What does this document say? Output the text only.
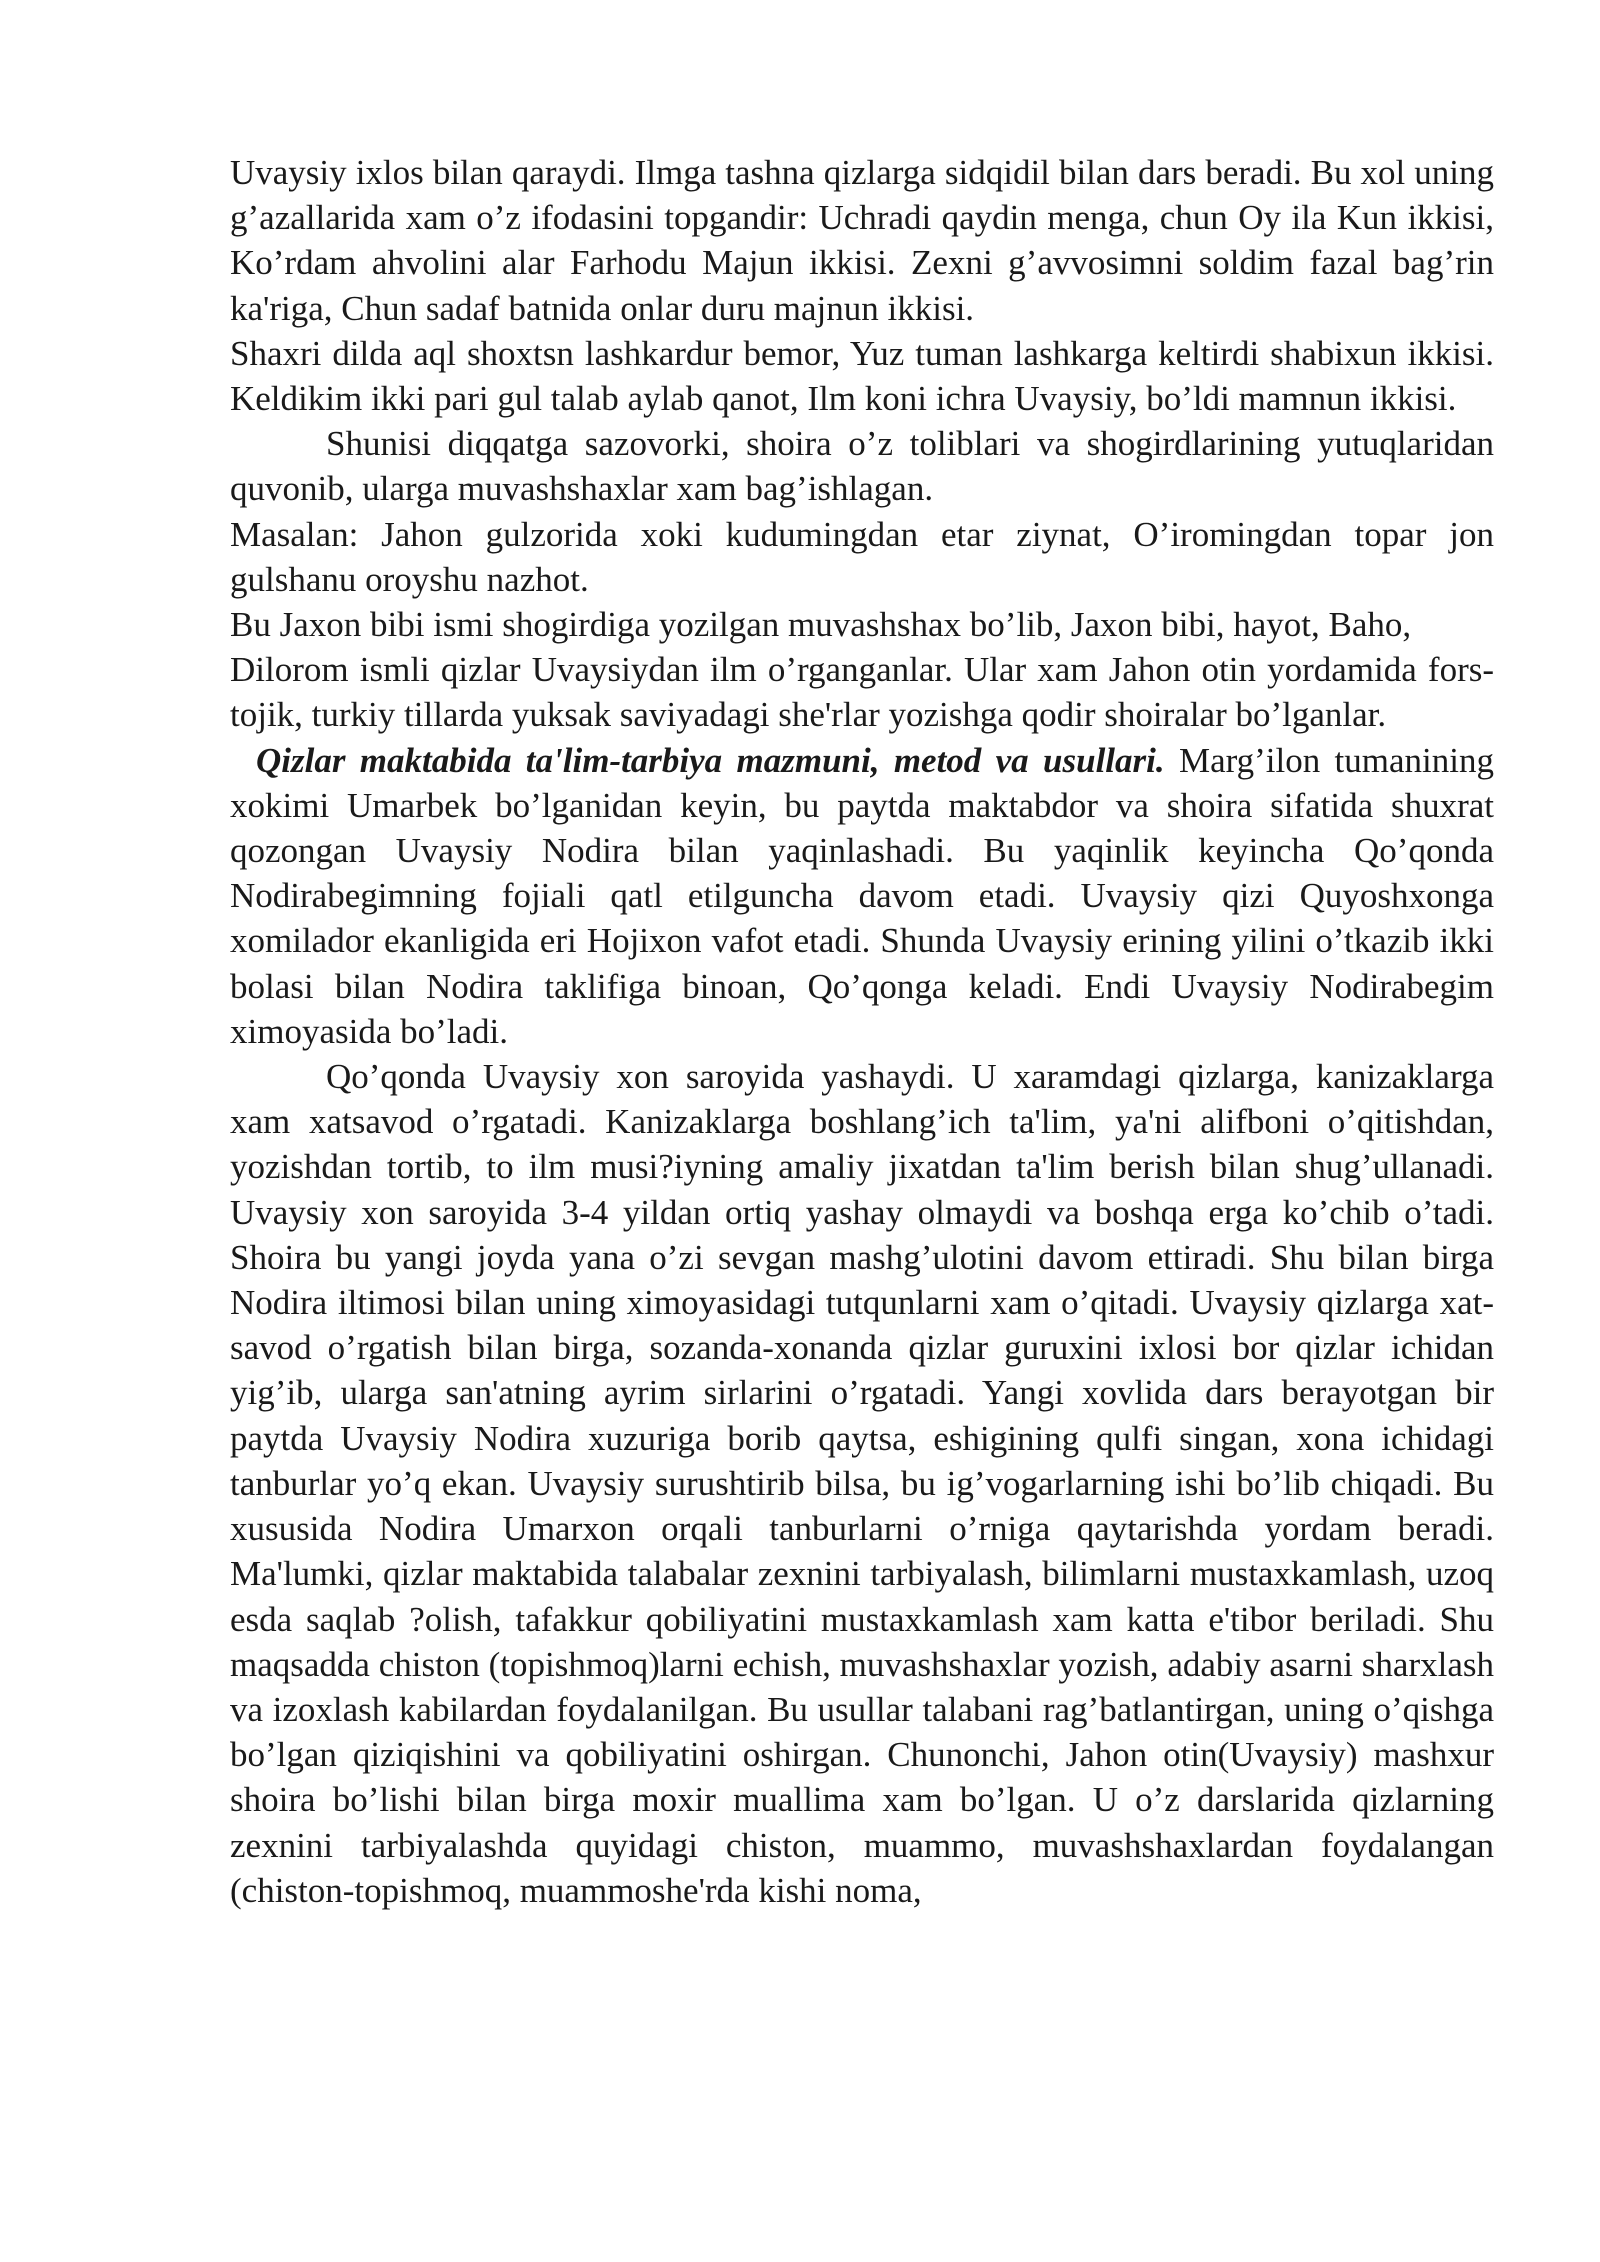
Uvaysiy ixlos bilan qaraydi. Ilmga tashna qizlarga sidqidil bilan dars beradi. Bu xol uning g’azallarida xam o’z ifodasini topgandir: Uchradi qaydin menga, chun Oy ila Kun ikkisi, Ko’rdam ahvolini alar Farhodu Majun ikkisi. Zexni g’avvosimni soldim fazal bag’rin ka'riga, Chun sadaf batnida onlar duru majnun ikkisi.

Shaxri dilda aql shoxtsn lashkardur bemor, Yuz tuman lashkarga keltirdi shabixun ikkisi. Keldikim ikki pari gul talab aylab qanot, Ilm koni ichra Uvaysiy, bo’ldi mamnun ikkisi.

Shunisi diqqatga sazovorki, shoira o’z toliblari va shogirdlarining yutuqlaridan quvonib, ularga muvashshaxlar xam bag’ishlagan.

Masalan: Jahon gulzorida xoki kudumingdan etar ziynat, O’iromingdan topar jon gulshanu oroyshu nazhot.

Bu Jaxon bibi ismi shogirdiga yozilgan muvashshax bo’lib, Jaxon bibi, hayot, Baho,

Dilorom ismli qizlar Uvaysiydan ilm o’rganganlar. Ular xam Jahon otin yordamida fors-tojik, turkiy tillarda yuksak saviyadagi she'rlar yozishga qodir shoiralar bo’lganlar.

Qizlar maktabida ta'lim-tarbiya mazmuni, metod va usullari. Marg’ilon tumanining xokimi Umarbek bo’lganidan keyin, bu paytda maktabdor va shoira sifatida shuxrat qozongan Uvaysiy Nodira bilan yaqinlashadi. Bu yaqinlik keyincha Qo’qonda Nodirabegimning fojiali qatl etilguncha davom etadi. Uvaysiy qizi Quyoshxonga xomilador ekanligida eri Hojixon vafot etadi. Shunda Uvaysiy erining yilini o’tkazib ikki bolasi bilan Nodira taklifiga binoan, Qo’qonga keladi. Endi Uvaysiy Nodirabegim ximoyasida bo’ladi.

Qo’qonda Uvaysiy xon saroyida yashaydi. U xaramdagi qizlarga, kanizaklarga xam xatsavod o’rgatadi. Kanizaklarga boshlang’ich ta'lim, ya'ni alifboni o’qitishdan, yozishdan tortib, to ilm musi?iyning amaliy jixatdan ta'lim berish bilan shug’ullanadi. Uvaysiy xon saroyida 3-4 yildan ortiq yashay olmaydi va boshqa erga ko’chib o’tadi. Shoira bu yangi joyda yana o’zi sevgan mashg’ulotini davom ettiradi. Shu bilan birga Nodira iltimosi bilan uning ximoyasidagi tutqunlarni xam o’qitadi. Uvaysiy qizlarga xat-savod o’rgatish bilan birga, sozanda-xonanda qizlar guruxini ixlosi bor qizlar ichidan yig’ib, ularga san'atning ayrim sirlarini o’rgatadi. Yangi xovlida dars berayotgan bir paytda Uvaysiy Nodira xuzuriga borib qaytsa, eshigining qulfi singan, xona ichidagi tanburlar yo’q ekan. Uvaysiy surushtirib bilsa, bu ig’vogarlarning ishi bo’lib chiqadi. Bu xususida Nodira Umarxon orqali tanburlarni o’rniga qaytarishda yordam beradi. Ma'lumki, qizlar maktabida talabalar zexnini tarbiyalash, bilimlarni mustaxkamlash, uzoq esda saqlab ?olish, tafakkur qobiliyatini mustaxkamlash xam katta e'tibor beriladi. Shu maqsadda chiston (topishmoq)larni echish, muvashshaxlar yozish, adabiy asarni sharxlash va izoxlash kabilardan foydalanilgan. Bu usullar talabani rag’batlantirgan, uning o’qishga bo’lgan qiziqishini va qobiliyatini oshirgan. Chunonchi, Jahon otin(Uvaysiy) mashxur shoira bo’lishi bilan birga moxir muallima xam bo’lgan. U o’z darslarida qizlarning zexnini tarbiyalashda quyidagi chiston, muammo, muvashshaxlardan foydalangan (chiston-topishmoq, muammoshe'rda kishi noma,
